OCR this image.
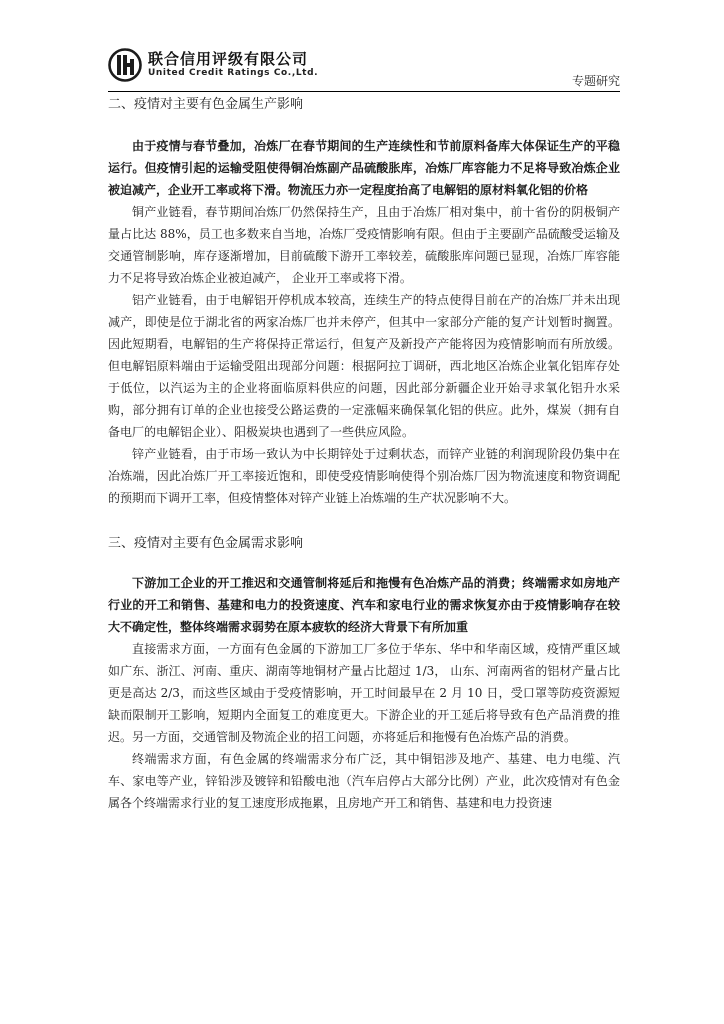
联合信用评级有限公司
United Credit Ratings Co.,Ltd.
专题研究
二、疫情对主要有色金属生产影响

由于疫情与春节叠加，冶炼厂在春节期间的生产连续性和节前原料备库大体保证生产的平稳运行。但疫情引起的运输受阻使得铜冶炼副产品硫酸胀库，冶炼厂库容能力不足将导致冶炼企业被迫减产，企业开工率或将下滑。物流压力亦一定程度抬高了电解铝的原材料氧化铝的价格

铜产业链看，春节期间冶炼厂仍然保持生产，且由于冶炼厂相对集中，前十省份的阴极铜产量占比达 88%，员工也多数来自当地，冶炼厂受疫情影响有限。但由于主要副产品硫酸受运输及交通管制影响，库存逐渐增加，目前硫酸下游开工率较差，硫酸胀库问题已显现，冶炼厂库容能力不足将导致冶炼企业被迫减产， 企业开工率或将下滑。

铝产业链看，由于电解铝开停机成本较高，连续生产的特点使得目前在产的冶炼厂并未出现减产，即使是位于湖北省的两家冶炼厂也并未停产，但其中一家部分产能的复产计划暂时搁置。因此短期看，电解铝的生产将保持正常运行，但复产及新投产产能将因为疫情影响而有所放缓。但电解铝原料端由于运输受阻出现部分问题：根据阿拉丁调研，西北地区冶炼企业氧化铝库存处于低位，以汽运为主的企业将面临原料供应的问题，因此部分新疆企业开始寻求氧化铝升水采购，部分拥有订单的企业也接受公路运费的一定涨幅来确保氧化铝的供应。此外，煤炭（拥有自备电厂的电解铝企业）、阳极炭块也遇到了一些供应风险。

锌产业链看，由于市场一致认为中长期锌处于过剩状态，而锌产业链的利润现阶段仍集中在冶炼端，因此冶炼厂开工率接近饱和，即使受疫情影响使得个别冶炼厂因为物流速度和物资调配的预期而下调开工率，但疫情整体对锌产业链上冶炼端的生产状况影响不大。

三、疫情对主要有色金属需求影响

下游加工企业的开工推迟和交通管制将延后和拖慢有色冶炼产品的消费；终端需求如房地产行业的开工和销售、基建和电力的投资速度、汽车和家电行业的需求恢复亦由于疫情影响存在较大不确定性，整体终端需求弱势在原本疲软的经济大背景下有所加重

直接需求方面，一方面有色金属的下游加工厂多位于华东、华中和华南区域，疫情严重区域如广东、浙江、河南、重庆、湖南等地铜材产量占比超过 1/3， 山东、河南两省的铝材产量占比更是高达 2/3，而这些区域由于受疫情影响，开工时间最早在 2 月 10 日，受口罩等防疫资源短缺而限制开工影响，短期内全面复工的难度更大。下游企业的开工延后将导致有色产品消费的推迟。另一方面，交通管制及物流企业的招工问题，亦将延后和拖慢有色冶炼产品的消费。

终端需求方面，有色金属的终端需求分布广泛，其中铜铝涉及地产、基建、电力电缆、汽车、家电等产业，锌铅涉及镀锌和铅酸电池（汽车启停占大部分比例）产业，此次疫情对有色金属各个终端需求行业的复工速度形成拖累，且房地产开工和销售、基建和电力投资速
